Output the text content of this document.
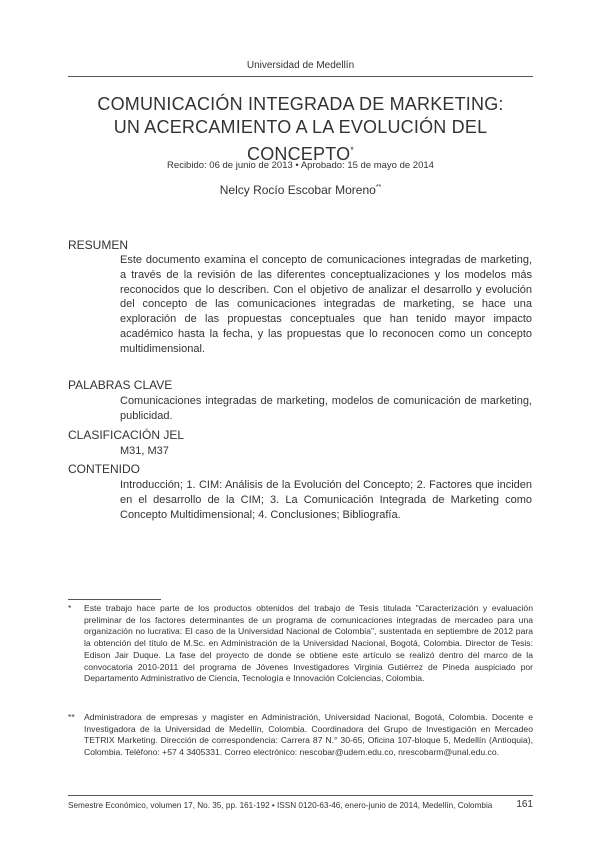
Universidad de Medellín
COMUNICACIÓN INTEGRADA DE MARKETING:
UN ACERCAMIENTO A LA EVOLUCIÓN DEL CONCEPTO*
Recibido: 06 de junio de 2013 • Aprobado: 15 de mayo de 2014
Nelcy Rocío Escobar Moreno**
RESUMEN
Este documento examina el concepto de comunicaciones integradas de marketing, a través de la revisión de las diferentes conceptualizaciones y los modelos más reconocidos que lo describen. Con el objetivo de analizar el desarrollo y evolución del concepto de las comunicaciones integradas de marketing, se hace una exploración de las propuestas conceptuales que han tenido mayor impacto académico hasta la fecha, y las propuestas que lo reconocen como un concepto multidimensional.
PALABRAS CLAVE
Comunicaciones integradas de marketing, modelos de comunicación de marketing, publicidad.
CLASIFICACIÓN JEL
M31, M37
CONTENIDO
Introducción; 1. CIM: Análisis de la Evolución del Concepto; 2. Factores que inciden en el desarrollo de la CIM; 3. La Comunicación Integrada de Marketing como Concepto Multidimensional; 4. Conclusiones; Bibliografía.
*	Este trabajo hace parte de los productos obtenidos del trabajo de Tesis titulada "Caracterización y evaluación preliminar de los factores determinantes de un programa de comunicaciones integradas de mercadeo para una organización no lucrativa: El caso de la Universidad Nacional de Colombia", sustentada en septiembre de 2012 para la obtención del título de M.Sc. en Administración de la Universidad Nacional, Bogotá, Colombia. Director de Tesis: Edison Jair Duque. La fase del proyecto de donde se obtiene este artículo se realizó dentro del marco de la convocatoria 2010-2011 del programa de Jóvenes Investigadores Virginia Gutiérrez de Pineda auspiciado por Departamento Administrativo de Ciencia, Tecnología e Innovación Colciencias, Colombia.
**	Administradora de empresas y magister en Administración, Universidad Nacional, Bogotá, Colombia. Docente e Investigadora de la Universidad de Medellín, Colombia. Coordinadora del Grupo de Investigación en Mercadeo TETRIX Marketing. Dirección de correspondencia: Carrera 87 N.° 30-65, Oficina 107-bloque 5, Medellín (Antioquia), Colombia. Teléfono: +57 4 3405331. Correo electrónico: nescobar@udem.edu.co, nrescobarm@unal.edu.co.
Semestre Económico, volumen 17, No. 35, pp. 161-192 • ISSN 0120-63-46, enero-junio de 2014, Medellín, Colombia 161
